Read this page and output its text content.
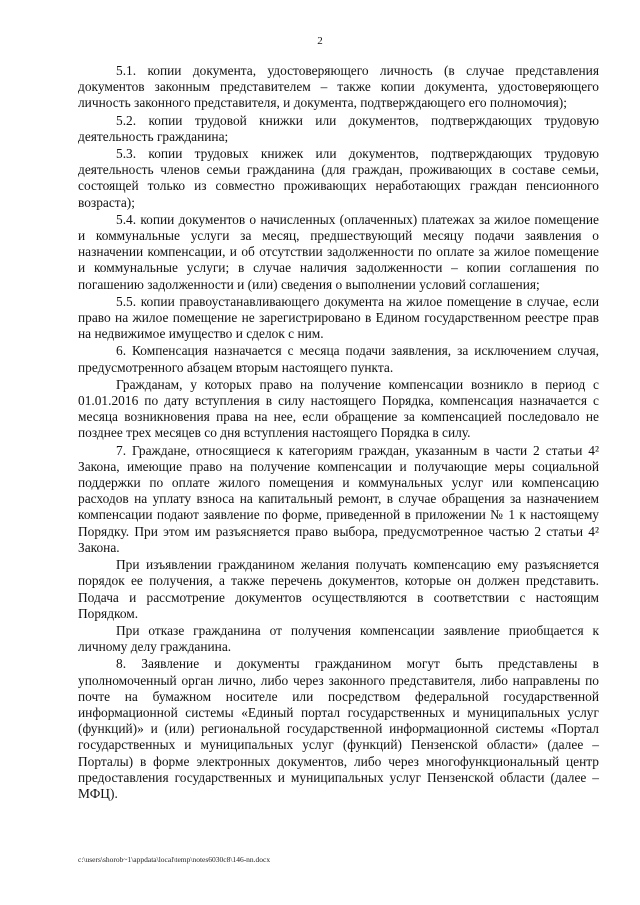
2

5.1. копии документа, удостоверяющего личность (в случае представления документов законным представителем – также копии документа, удостоверяющего личность законного представителя, и документа, подтверждающего его полномочия);

5.2. копии трудовой книжки или документов, подтверждающих трудовую деятельность гражданина;

5.3. копии трудовых книжек или документов, подтверждающих трудовую деятельность членов семьи гражданина (для граждан, проживающих в составе семьи, состоящей только из совместно проживающих неработающих граждан пенсионного возраста);

5.4. копии документов о начисленных (оплаченных) платежах за жилое помещение и коммунальные услуги за месяц, предшествующий месяцу подачи заявления о назначении компенсации, и об отсутствии задолженности по оплате за жилое помещение и коммунальные услуги; в случае наличия задолженности – копии соглашения по погашению задолженности и (или) сведения о выполнении условий соглашения;

5.5. копии правоустанавливающего документа на жилое помещение в случае, если право на жилое помещение не зарегистрировано в Едином государственном реестре прав на недвижимое имущество и сделок с ним.

6. Компенсация назначается с месяца подачи заявления, за исключением случая, предусмотренного абзацем вторым настоящего пункта.

Гражданам, у которых право на получение компенсации возникло в период с 01.01.2016 по дату вступления в силу настоящего Порядка, компенсация назначается с месяца возникновения права на нее, если обращение за компенсацией последовало не позднее трех месяцев со дня вступления настоящего Порядка в силу.

7. Гражданe, относящиеся к категориям граждан, указанным в части 2 статьи 4² Закона, имеющие право на получение компенсации и получающие меры социальной поддержки по оплате жилого помещения и коммунальных услуг или компенсацию расходов на уплату взноса на капитальный ремонт, в случае обращения за назначением компенсации подают заявление по форме, приведенной в приложении № 1 к настоящему Порядку. При этом им разъясняется право выбора, предусмотренное частью 2 статьи 4² Закона.

При изъявлении гражданином желания получать компенсацию ему разъясняется порядок ее получения, а также перечень документов, которые он должен представить. Подача и рассмотрение документов осуществляются в соответствии с настоящим Порядком.

При отказе гражданина от получения компенсации заявление приобщается к личному делу гражданина.

8. Заявление и документы гражданином могут быть представлены в уполномоченный орган лично, либо через законного представителя, либо направлены по почте на бумажном носителе или посредством федеральной государственной информационной системы «Единый портал государственных и муниципальных услуг (функций)» и (или) региональной государственной информационной системы «Портал государственных и муниципальных услуг (функций) Пензенской области» (далее – Порталы) в форме электронных документов, либо через многофункциональный центр предоставления государственных и муниципальных услуг Пензенской области (далее – МФЦ).

c:\users\shorob~1\appdata\local\temp\notes6030c8\146-nn.docx
